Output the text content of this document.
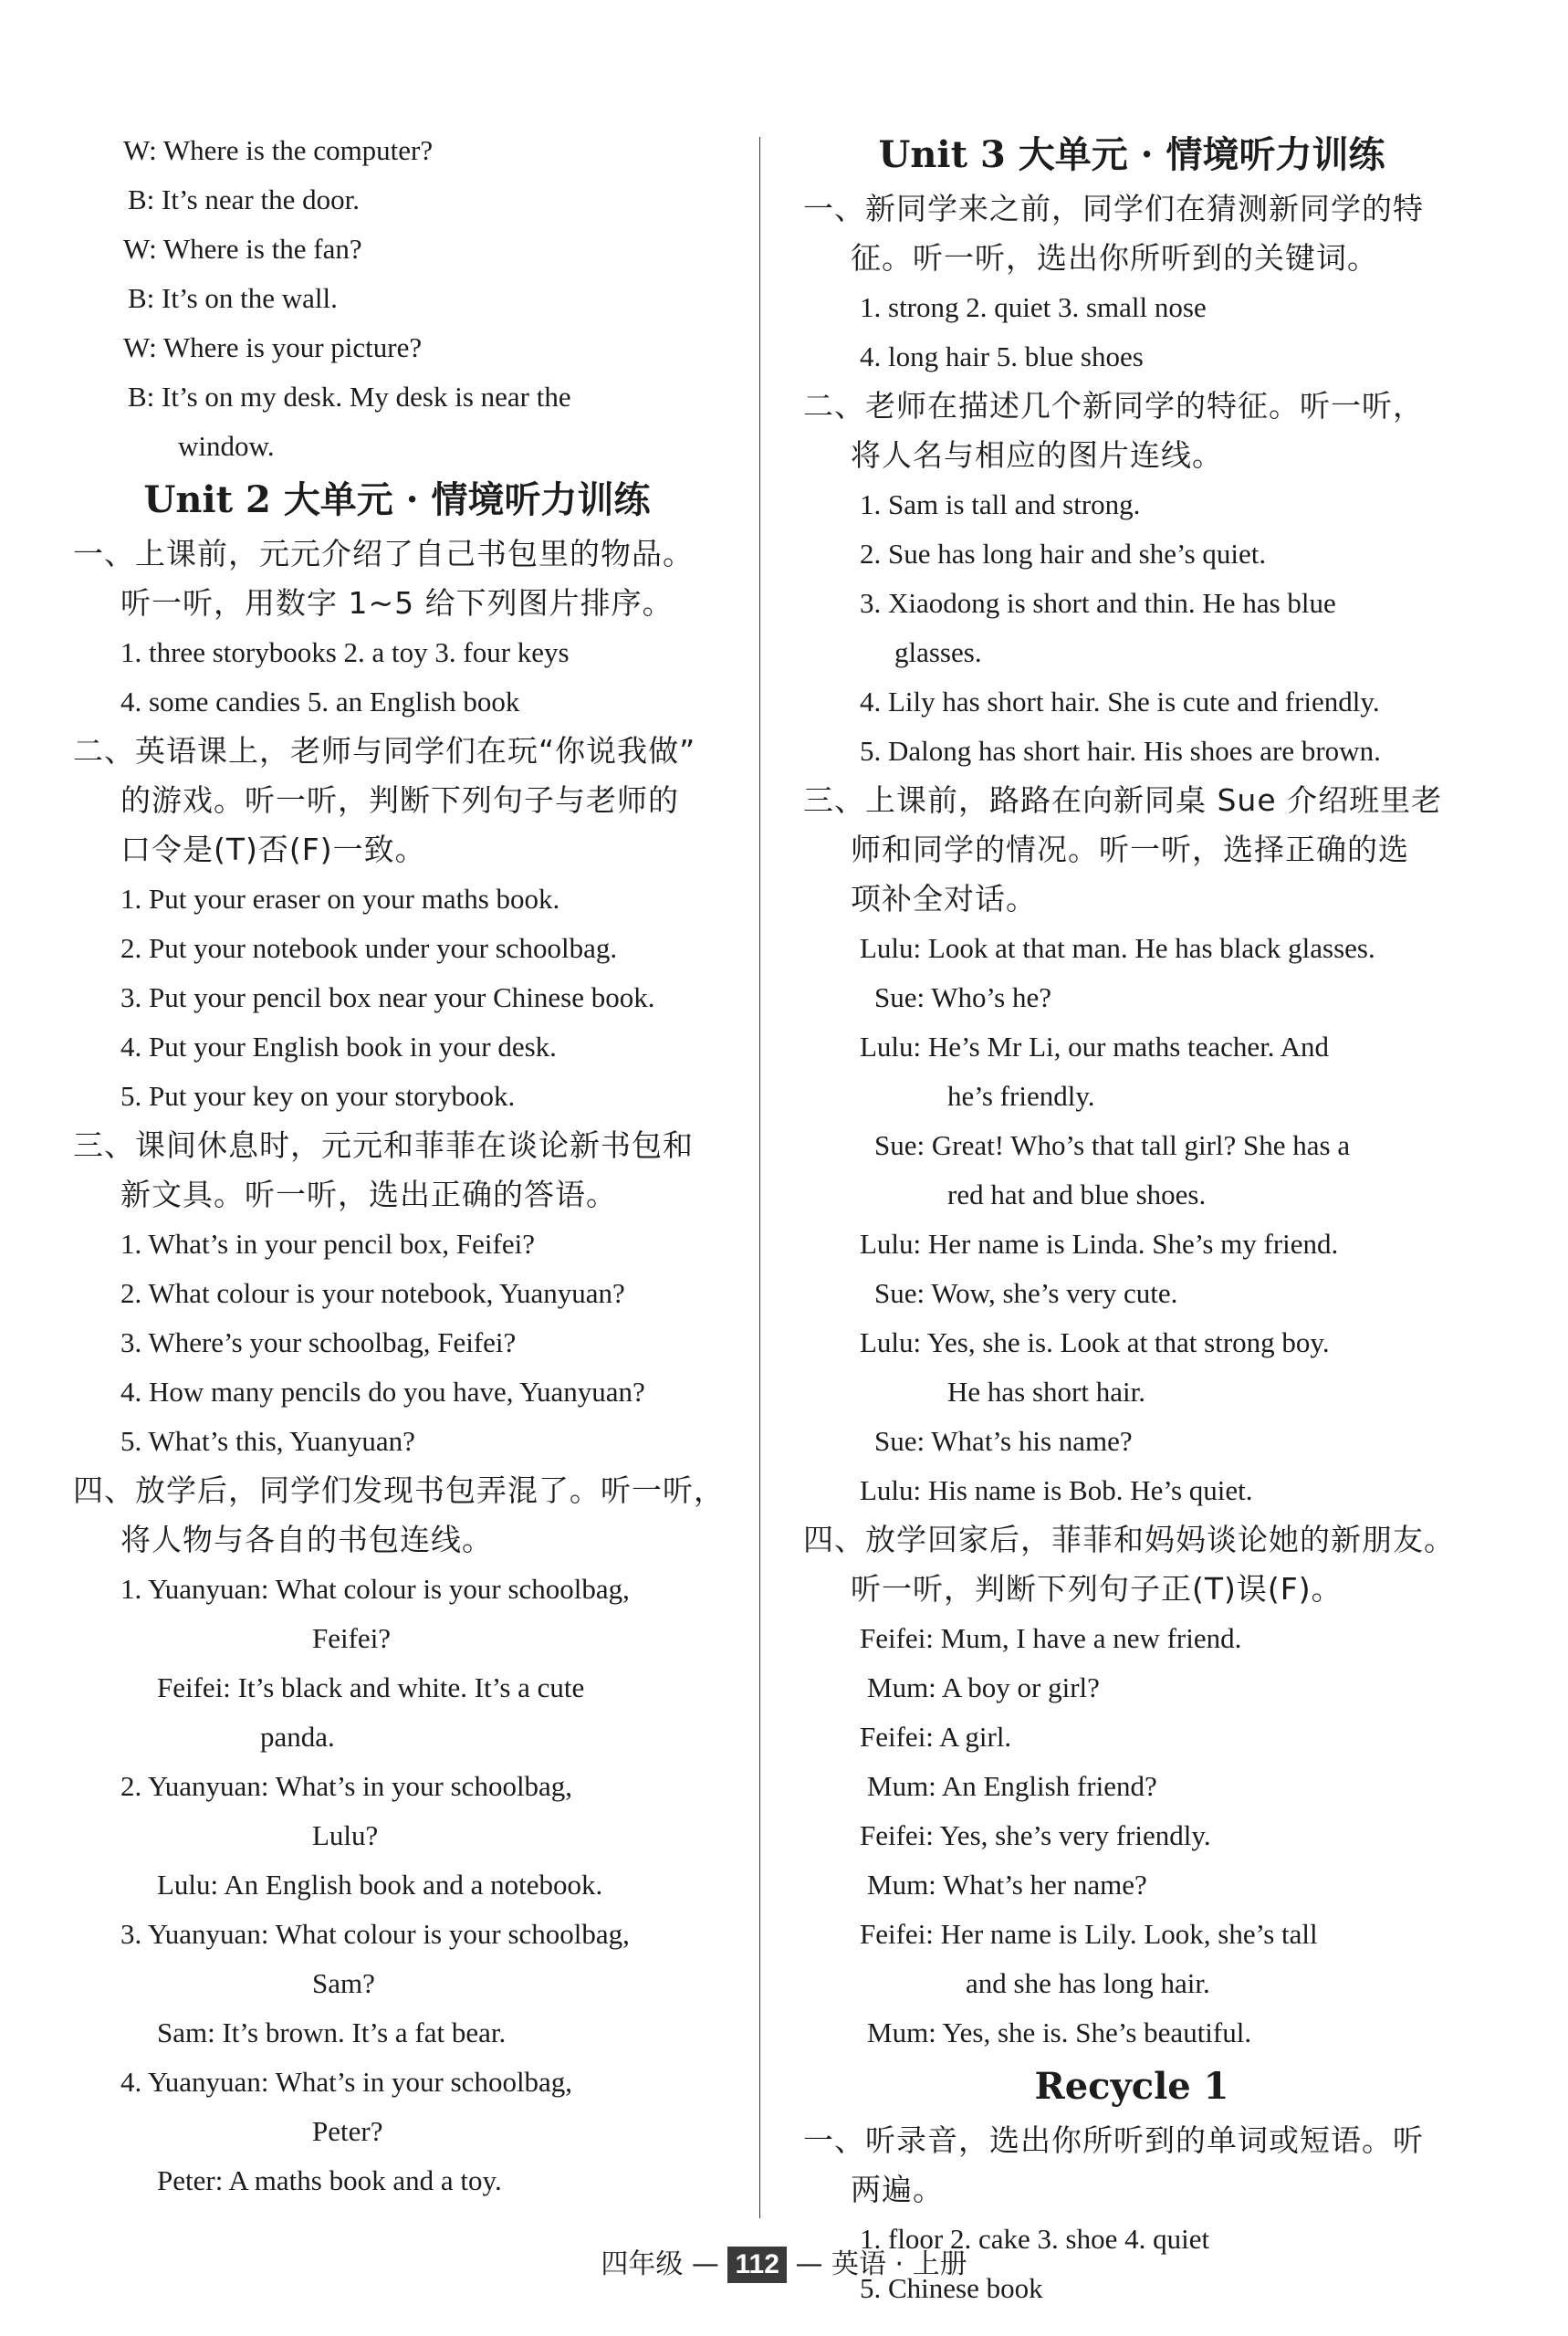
W: Where is the computer?
B: It’s near the door.
W: Where is the fan?
B: It’s on the wall.
W: Where is your picture?
B: It’s on my desk. My desk is near the
window.
Unit 2 大单元 · 情境听力训练
一、上课前，元元介绍了自己书包里的物品。
听一听，用数字 1~5 给下列图片排序。
1. three storybooks 2. a toy 3. four keys
4. some candies 5. an English book
二、英语课上，老师与同学们在玩“你说我做”
的游戏。听一听，判断下列句子与老师的
口令是(T)否(F)一致。
1. Put your eraser on your maths book.
2. Put your notebook under your schoolbag.
3. Put your pencil box near your Chinese book.
4. Put your English book in your desk.
5. Put your key on your storybook.
三、课间休息时，元元和菲菲在谈论新书包和
新文具。听一听，选出正确的答语。
1. What’s in your pencil box, Feifei?
2. What colour is your notebook, Yuanyuan?
3. Where’s your schoolbag, Feifei?
4. How many pencils do you have, Yuanyuan?
5. What’s this, Yuanyuan?
四、放学后，同学们发现书包弄混了。听一听，
将人物与各自的书包连线。
1. Yuanyuan: What colour is your schoolbag,
Feifei?
Feifei: It’s black and white. It’s a cute
panda.
2. Yuanyuan: What’s in your schoolbag,
Lulu?
Lulu: An English book and a notebook.
3. Yuanyuan: What colour is your schoolbag,
Sam?
Sam: It’s brown. It’s a fat bear.
4. Yuanyuan: What’s in your schoolbag,
Peter?
Peter: A maths book and a toy.
Unit 3 大单元 · 情境听力训练
一、新同学来之前，同学们在猜测新同学的特
征。听一听，选出你所听到的关键词。
1. strong 2. quiet 3. small nose
4. long hair 5. blue shoes
二、老师在描述几个新同学的特征。听一听，
将人名与相应的图片连线。
1. Sam is tall and strong.
2. Sue has long hair and she’s quiet.
3. Xiaodong is short and thin. He has blue
glasses.
4. Lily has short hair. She is cute and friendly.
5. Dalong has short hair. His shoes are brown.
三、上课前，路路在向新同桌 Sue 介绍班里老
师和同学的情况。听一听，选择正确的选
项补全对话。
Lulu: Look at that man. He has black glasses.
Sue: Who’s he?
Lulu: He’s Mr Li, our maths teacher. And
he’s friendly.
Sue: Great! Who’s that tall girl? She has a
red hat and blue shoes.
Lulu: Her name is Linda. She’s my friend.
Sue: Wow, she’s very cute.
Lulu: Yes, she is. Look at that strong boy.
He has short hair.
Sue: What’s his name?
Lulu: His name is Bob. He’s quiet.
四、放学回家后，菲菲和妈妈谈论她的新朋友。
听一听，判断下列句子正(T)误(F)。
Feifei: Mum, I have a new friend.
Mum: A boy or girl?
Feifei: A girl.
Mum: An English friend?
Feifei: Yes, she’s very friendly.
Mum: What’s her name?
Feifei: Her name is Lily. Look, she’s tall
and she has long hair.
Mum: Yes, she is. She’s beautiful.
Recycle 1
一、听录音，选出你所听到的单词或短语。听
两遍。
1. floor 2. cake 3. shoe 4. quiet
5. Chinese book
四年级 — 112 — 英语 · 上册
